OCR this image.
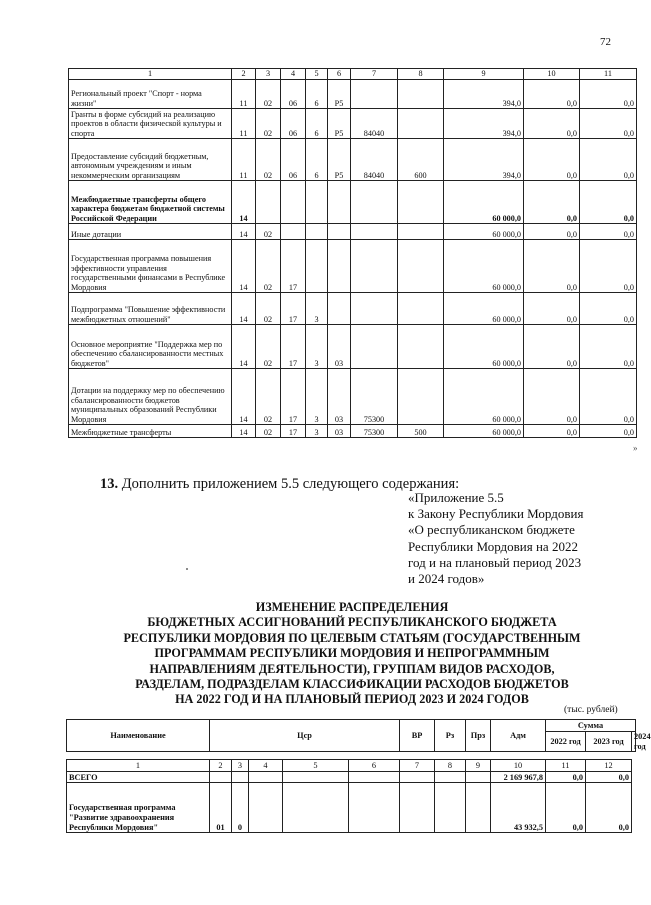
72
1	2	3	4	5	6	7	8	9	10	11
Региональный проект "Спорт - норма жизни"	11	02	06	6	P5			394,0	0,0	0,0
Гранты в форме субсидий на реализацию проектов в области физической культуры и спорта	11	02	06	6	P5	84040		394,0	0,0	0,0
Предоставление субсидий бюджетным, автономным учреждениям и иным некоммерческим организациям	11	02	06	6	P5	84040	600	394,0	0,0	0,0
Межбюджетные трансферты общего характера бюджетам бюджетной системы Российской Федерации	14							60 000,0	0,0	0,0
Иные дотации	14	02						60 000,0	0,0	0,0
Государственная программа повышения эффективности управления государственными финансами в Республике Мордовия	14	02	17					60 000,0	0,0	0,0
Подпрограмма "Повышение эффективности межбюджетных отношений"	14	02	17	3				60 000,0	0,0	0,0
Основное мероприятие "Поддержка мер по обеспечению сбалансированности местных бюджетов"	14	02	17	3	03			60 000,0	0,0	0,0
Дотации на поддержку мер по обеспечению сбалансированности бюджетов муниципальных образований Республики Мордовия	14	02	17	3	03	75300		60 000,0	0,0	0,0
Межбюджетные трансферты	14	02	17	3	03	75300	500	60 000,0	0,0	0,0
»
13. Дополнить приложением 5.5 следующего содержания:
«Приложение 5.5
к Закону Республики Мордовия
«О республиканском бюджете
Республики Мордовия на 2022
год и на плановый период 2023
и 2024 годов»
ИЗМЕНЕНИЕ РАСПРЕДЕЛЕНИЯ
БЮДЖЕТНЫХ АССИГНОВАНИЙ РЕСПУБЛИКАНСКОГО БЮДЖЕТА
РЕСПУБЛИКИ МОРДОВИЯ ПО ЦЕЛЕВЫМ СТАТЬЯМ (ГОСУДАРСТВЕННЫМ
ПРОГРАММАМ РЕСПУБЛИКИ МОРДОВИЯ И НЕПРОГРАММНЫМ
НАПРАВЛЕНИЯМ ДЕЯТЕЛЬНОСТИ), ГРУППАМ ВИДОВ РАСХОДОВ,
РАЗДЕЛАМ, ПОДРАЗДЕЛАМ КЛАССИФИКАЦИИ РАСХОДОВ БЮДЖЕТОВ
НА 2022 ГОД И НА ПЛАНОВЫЙ ПЕРИОД 2023 И 2024 ГОДОВ
(тыс. рублей)
Наименование	Цср					ВР	Рз	Прз	Адм	Сумма		
										2022 год	2023 год	2024 год

1	2	3	4	5	6	7	8	9	10	11	12	
ВСЕГО									2 169 967,8	0,0	0,0	
Государственная программа "Развитие здравоохранения Республики Мордовия"	01	0							43 932,5	0,0	0,0	
